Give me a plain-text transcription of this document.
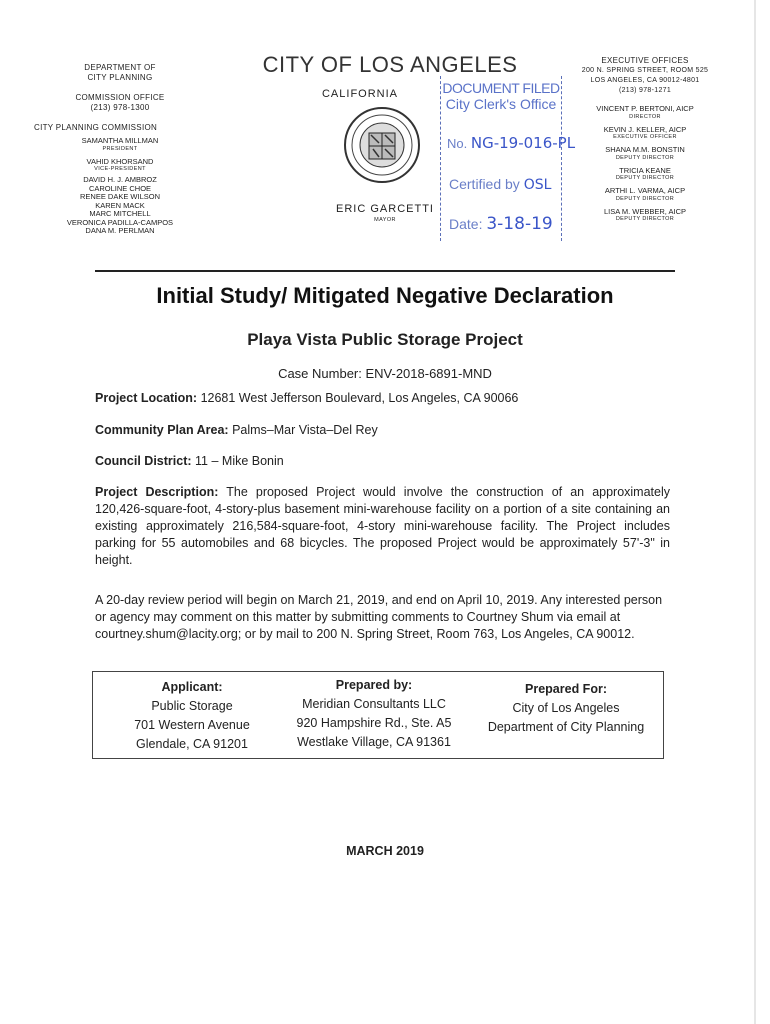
DEPARTMENT OF
CITY PLANNING
COMMISSION OFFICE
(213) 978-1300
CITY PLANNING COMMISSION
SAMANTHA MILLMAN
PRESIDENT
VAHID KHORSAND
VICE-PRESIDENT
DAVID H. J. AMBROZ
CAROLINE CHOE
RENEE DAKE WILSON
KAREN MACK
MARC MITCHELL
VERONICA PADILLA-CAMPOS
DANA M. PERLMAN
CITY OF LOS ANGELES
CALIFORNIA
ERIC GARCETTI
MAYOR
DOCUMENT FILED
City Clerk's Office
No. NG-19-016-PL
Certified by OSL
Date: 3-18-19
EXECUTIVE OFFICES
200 N. SPRING STREET, ROOM 525
LOS ANGELES, CA 90012-4801
(213) 978-1271
VINCENT P. BERTONI, AICP
DIRECTOR
KEVIN J. KELLER, AICP
EXECUTIVE OFFICER
SHANA M.M. BONSTIN
DEPUTY DIRECTOR
TRICIA KEANE
DEPUTY DIRECTOR
ARTHI L. VARMA, AICP
DEPUTY DIRECTOR
LISA M. WEBBER, AICP
DEPUTY DIRECTOR
Initial Study/ Mitigated Negative Declaration
Playa Vista Public Storage Project
Case Number: ENV-2018-6891-MND
Project Location: 12681 West Jefferson Boulevard, Los Angeles, CA 90066
Community Plan Area: Palms–Mar Vista–Del Rey
Council District: 11 – Mike Bonin
Project Description: The proposed Project would involve the construction of an approximately 120,426-square-foot, 4-story-plus basement mini-warehouse facility on a portion of a site containing an existing approximately 216,584-square-foot, 4-story mini-warehouse facility. The Project includes parking for 55 automobiles and 68 bicycles. The proposed Project would be approximately 57'-3" in height.
A 20-day review period will begin on March 21, 2019, and end on April 10, 2019. Any interested person or agency may comment on this matter by submitting comments to Courtney Shum via email at courtney.shum@lacity.org; or by mail to 200 N. Spring Street, Room 763, Los Angeles, CA 90012.
Applicant:
Public Storage
701 Western Avenue
Glendale, CA 91201
Prepared by:
Meridian Consultants LLC
920 Hampshire Rd., Ste. A5
Westlake Village, CA 91361
Prepared For:
City of Los Angeles
Department of City Planning
MARCH 2019
